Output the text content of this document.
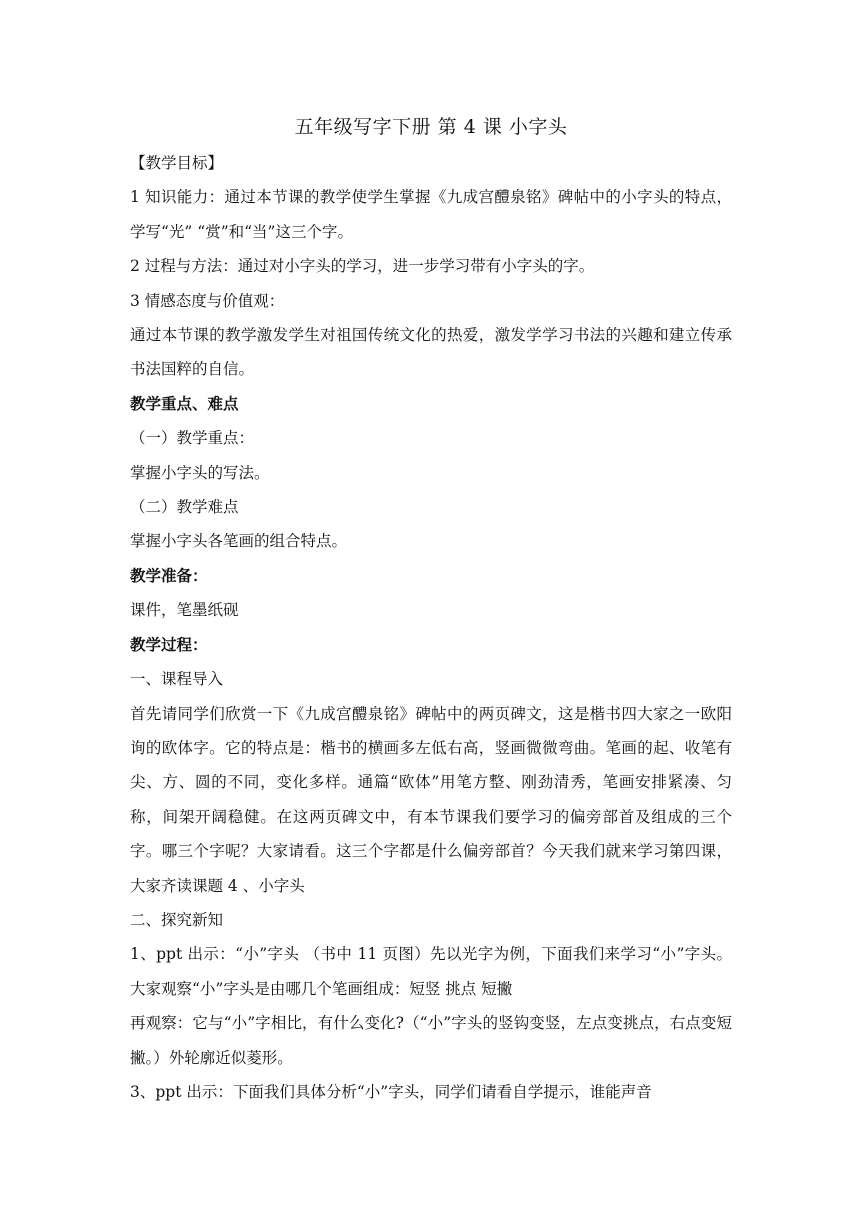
五年级写字下册 第 4 课 小字头

【教学目标】

1 知识能力：通过本节课的教学使学生掌握《九成宫醴泉铭》碑帖中的小字头的特点，学写“光” “赏”和“当”这三个字。

2 过程与方法：通过对小字头的学习，进一步学习带有小字头的字。

3 情感态度与价值观：

通过本节课的教学激发学生对祖国传统文化的热爱，激发学学习书法的兴趣和建立传承书法国粹的自信。

教学重点、难点

（一）教学重点：

掌握小字头的写法。

（二）教学难点

掌握小字头各笔画的组合特点。

教学准备：

课件，笔墨纸砚

教学过程：

一、课程导入

首先请同学们欣赏一下《九成宫醴泉铭》碑帖中的两页碑文，这是楷书四大家之一欧阳询的欧体字。它的特点是：楷书的横画多左低右高，竖画微微弯曲。笔画的起、收笔有尖、方、圆的不同，变化多样。通篇“欧体”用笔方整、刚劲清秀，笔画安排紧凑、匀称，间架开阔稳健。在这两页碑文中，有本节课我们要学习的偏旁部首及组成的三个字。哪三个字呢？大家请看。这三个字都是什么偏旁部首？今天我们就来学习第四课，大家齐读课题 4 、小字头

二、探究新知

1、ppt 出示：“小”字头 （书中 11 页图）先以光字为例，下面我们来学习“小”字头。大家观察“小”字头是由哪几个笔画组成：短竖 挑点 短撇

再观察：它与“小”字相比，有什么变化?（“小”字头的竖钩变竖，左点变挑点，右点变短撇。）外轮廓近似菱形。

3、ppt 出示：下面我们具体分析“小”字头，同学们请看自学提示，谁能声音
